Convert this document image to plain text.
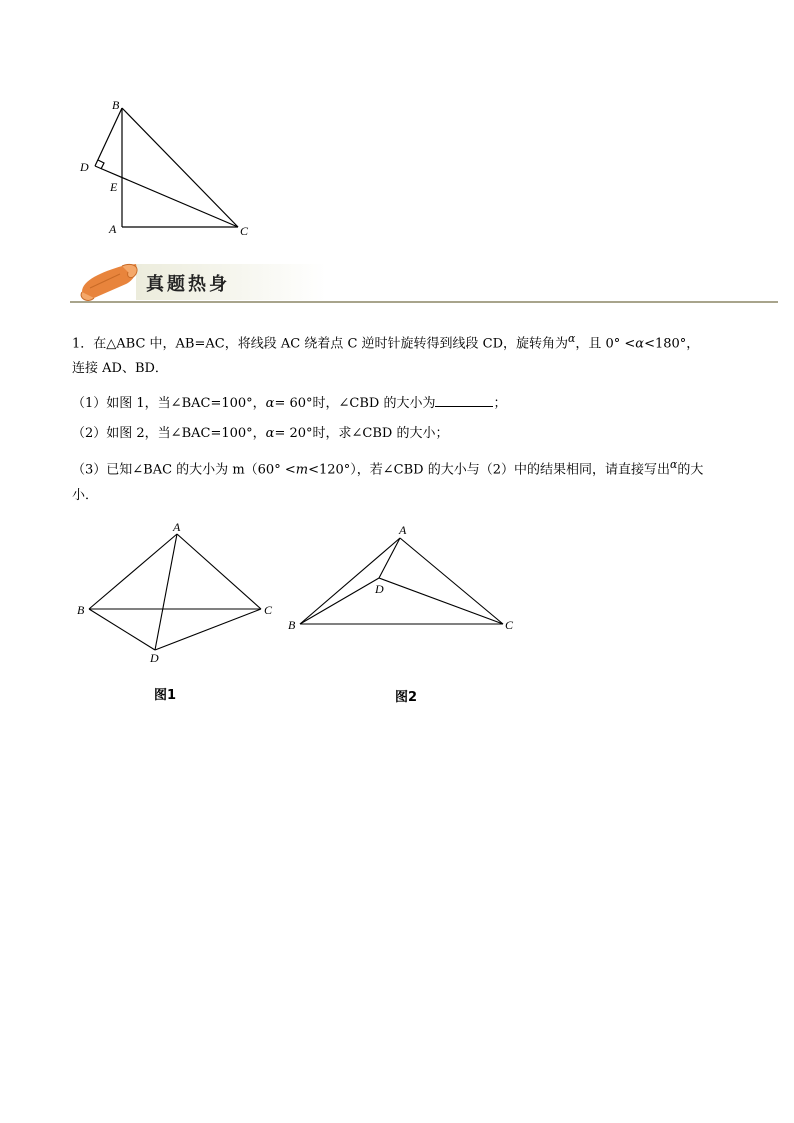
B
D
E
A	C
真题热身
1．在△ABC 中，AB=AC，将线段 AC 绕着点 C 逆时针旋转得到线段 CD，旋转角为$^\alpha$，且 0° <α<180°，
连接 AD、BD．
（1）如图 1，当∠BAC=100°，α= 60°时，∠CBD 的大小为	；
（2）如图 2，当∠BAC=100°，α= 20°时，求∠CBD 的大小；
（3）已知∠BAC 的大小为 m（60° <m<120°），若∠CBD 的大小与（2）中的结果相同，请直接写出$^\alpha$的大
小．
A
B	C
D
图1
A
D
B	C
图2
